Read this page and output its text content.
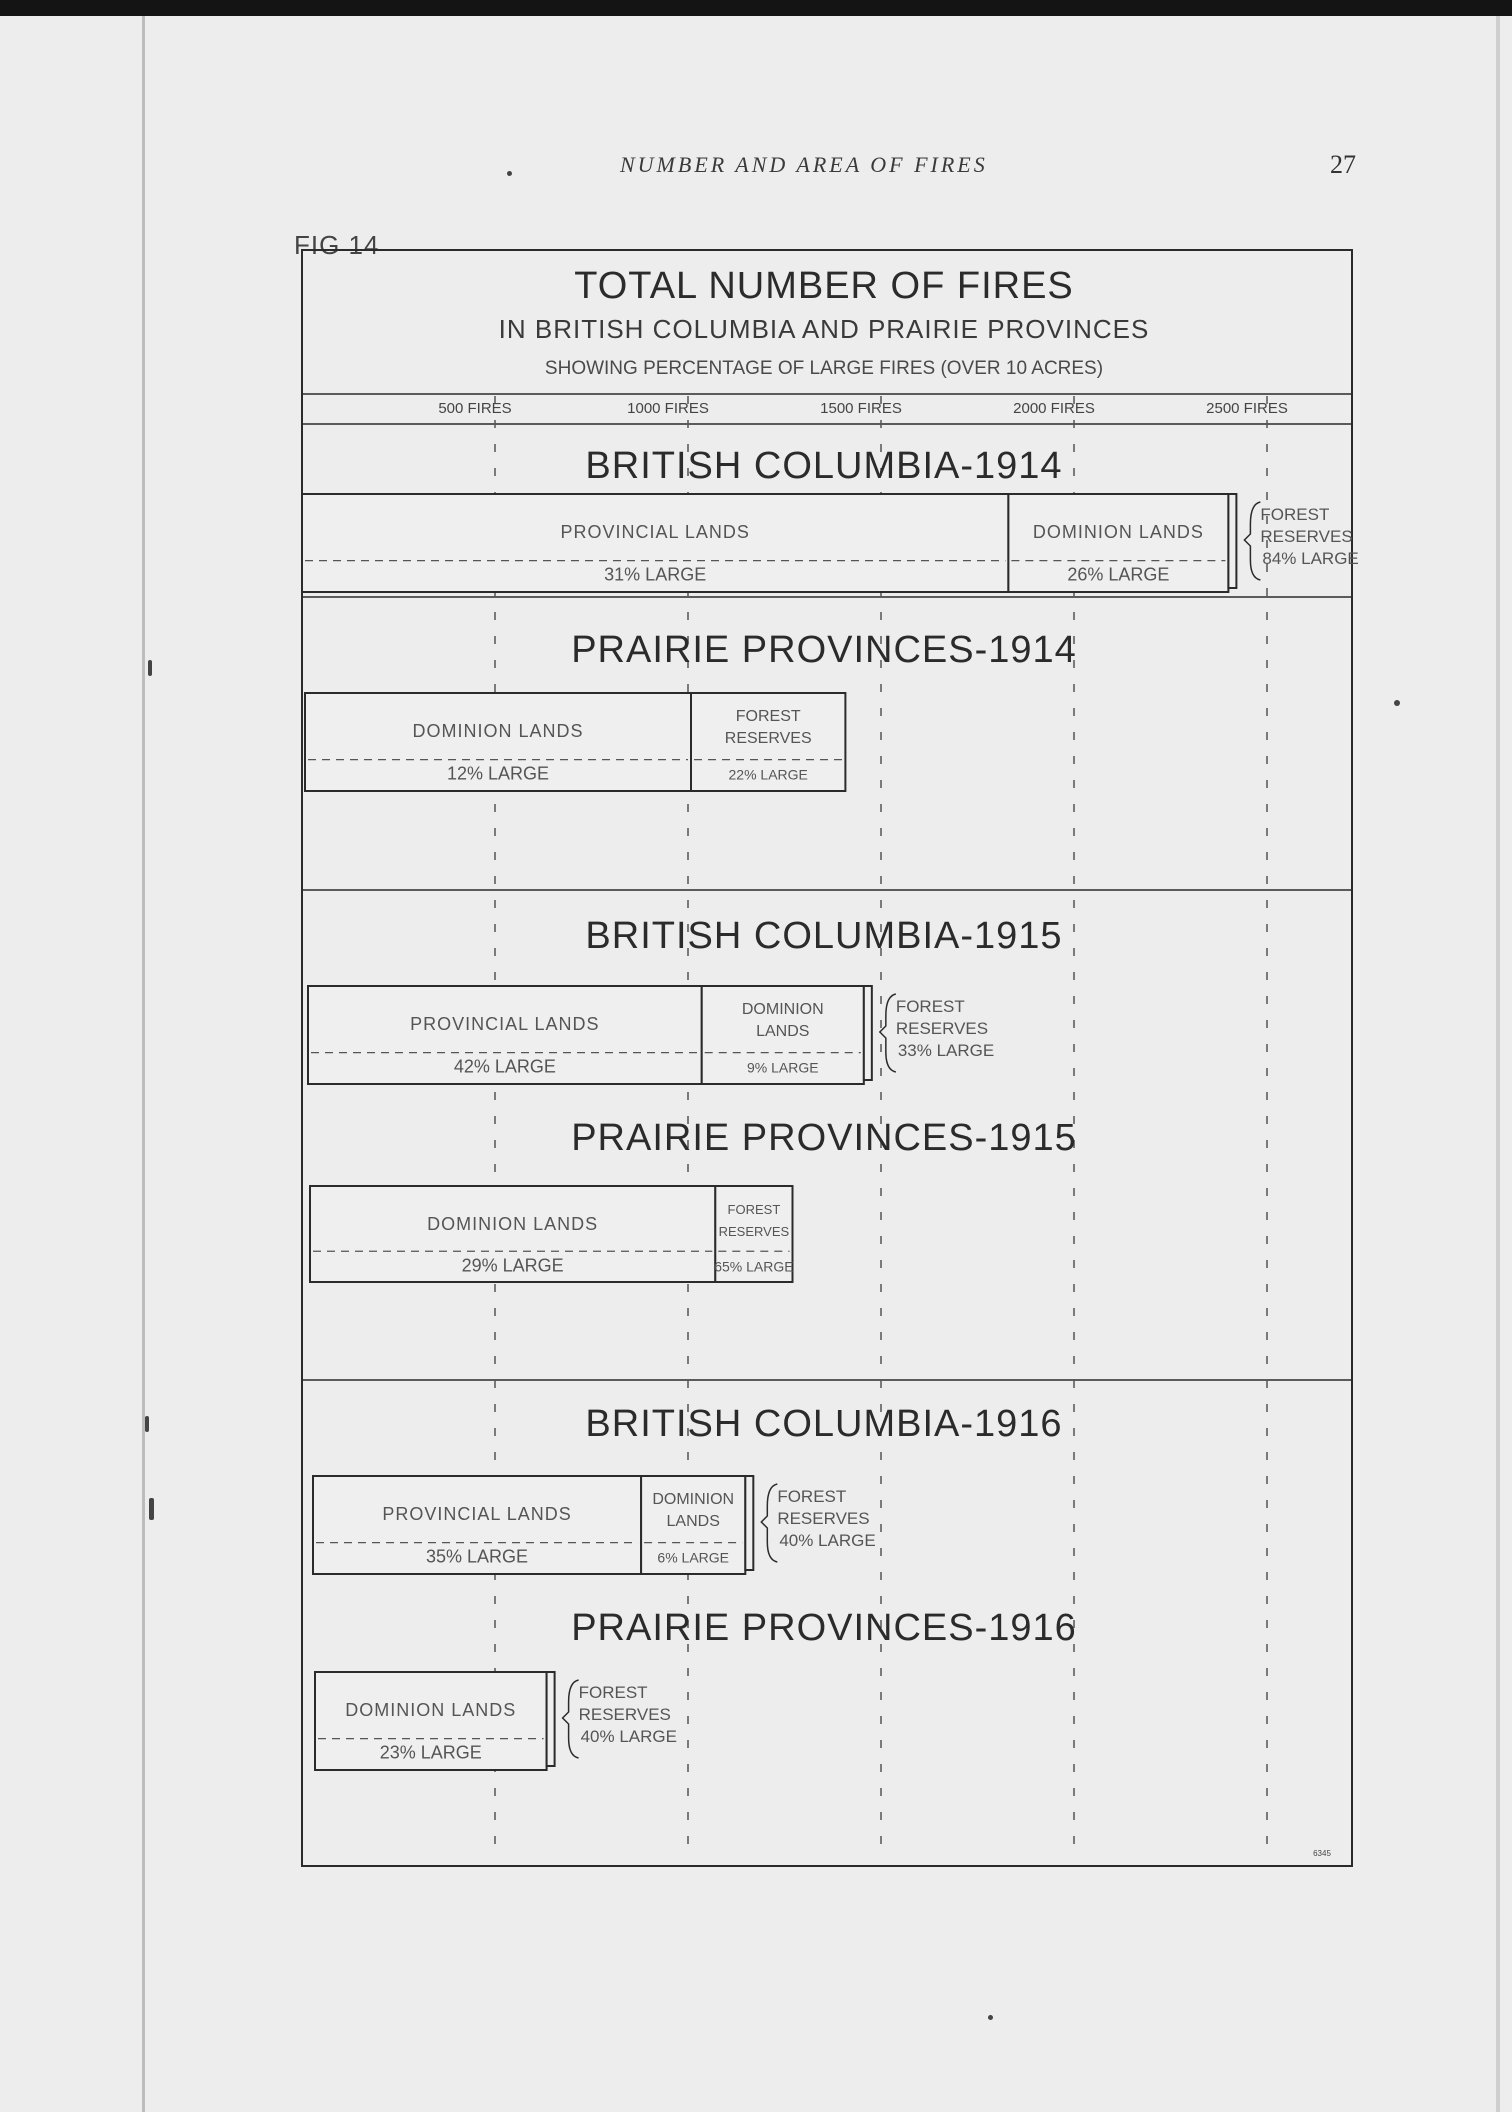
NUMBER AND AREA OF FIRES	27
FIG 14
TOTAL NUMBER OF FIRES
IN BRITISH COLUMBIA AND PRAIRIE PROVINCES
SHOWING PERCENTAGE OF LARGE FIRES (OVER 10 ACRES)
500 FIRES	1000 FIRES	1500 FIRES	2000 FIRES	2500 FIRES
BRITISH COLUMBIA-1914
PRAIRIE PROVINCES-1914
BRITISH COLUMBIA-1915
PRAIRIE PROVINCES-1915
BRITISH COLUMBIA-1916
PRAIRIE PROVINCES-1916
6345
PROVINCIAL LANDS
31% LARGE
DOMINION LANDS
26% LARGE
FOREST
RESERVES
84% LARGE
DOMINION LANDS
12% LARGE
FOREST
RESERVES
22% LARGE
PROVINCIAL LANDS
42% LARGE
DOMINION
LANDS
9% LARGE
FOREST
RESERVES
33% LARGE
DOMINION LANDS
29% LARGE
FOREST
RESERVES
65% LARGE
PROVINCIAL LANDS
35% LARGE
DOMINION
LANDS
6% LARGE
FOREST
RESERVES
40% LARGE
DOMINION LANDS
23% LARGE
FOREST
RESERVES
40% LARGE
